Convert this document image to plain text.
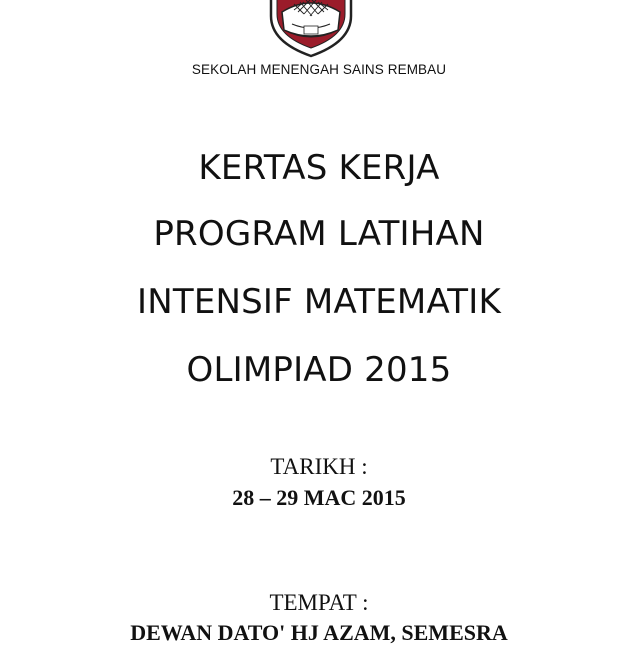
SEKOLAH MENENGAH SAINS REMBAU
KERTAS KERJA
PROGRAM LATIHAN
INTENSIF MATEMATIK
OLIMPIAD 2015
TARIKH :
28 – 29 MAC 2015
TEMPAT :
DEWAN DATO' HJ AZAM, SEMESRA
